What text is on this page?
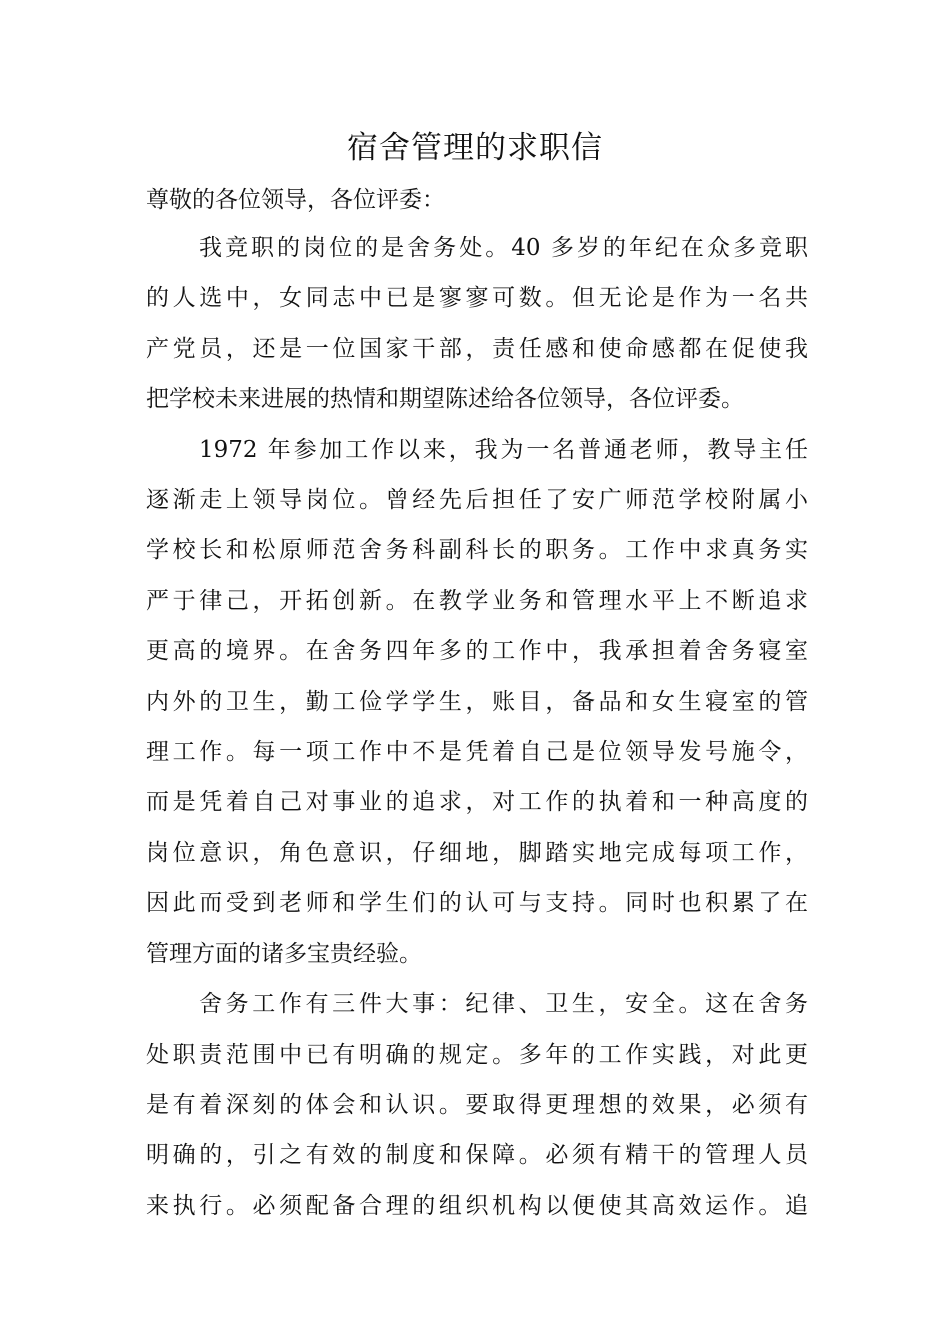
宿舍管理的求职信
尊敬的各位领导，各位评委：
我竞职的岗位的是舍务处。40 多岁的年纪在众多竞职
的人选中，女同志中已是寥寥可数。但无论是作为一名共
产党员，还是一位国家干部，责任感和使命感都在促使我
把学校未来进展的热情和期望陈述给各位领导，各位评委。
1972 年参加工作以来，我为一名普通老师，教导主任
逐渐走上领导岗位。曾经先后担任了安广师范学校附属小
学校长和松原师范舍务科副科长的职务。工作中求真务实
严于律己，开拓创新。在教学业务和管理水平上不断追求
更高的境界。在舍务四年多的工作中，我承担着舍务寝室
内外的卫生，勤工俭学学生，账目，备品和女生寝室的管
理工作。每一项工作中不是凭着自己是位领导发号施令，
而是凭着自己对事业的追求，对工作的执着和一种高度的
岗位意识，角色意识，仔细地，脚踏实地完成每项工作，
因此而受到老师和学生们的认可与支持。同时也积累了在
管理方面的诸多宝贵经验。
舍务工作有三件大事：纪律、卫生，安全。这在舍务
处职责范围中已有明确的规定。多年的工作实践，对此更
是有着深刻的体会和认识。要取得更理想的效果，必须有
明确的，引之有效的制度和保障。必须有精干的管理人员
来执行。必须配备合理的组织机构以便使其高效运作。追
